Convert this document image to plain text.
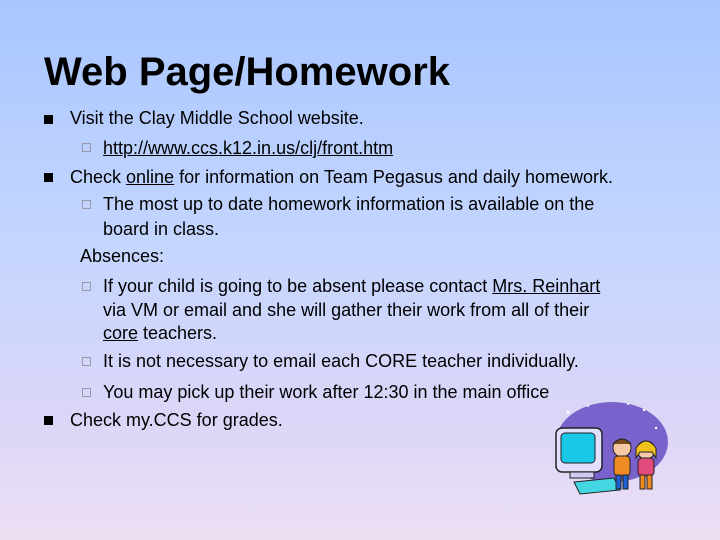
Web Page/Homework
Visit the Clay Middle School website.
http://www.ccs.k12.in.us/clj/front.htm
Check online for information on Team Pegasus and daily homework.
The most up to date homework information is available on the
board in class.
Absences:
If your child is going to be absent please contact Mrs. Reinhart
via VM or email and she will gather their work from all of their
core teachers.
It is not necessary to email each CORE teacher individually.
You may pick up their work after 12:30 in the main office
Check my.CCS for grades.
